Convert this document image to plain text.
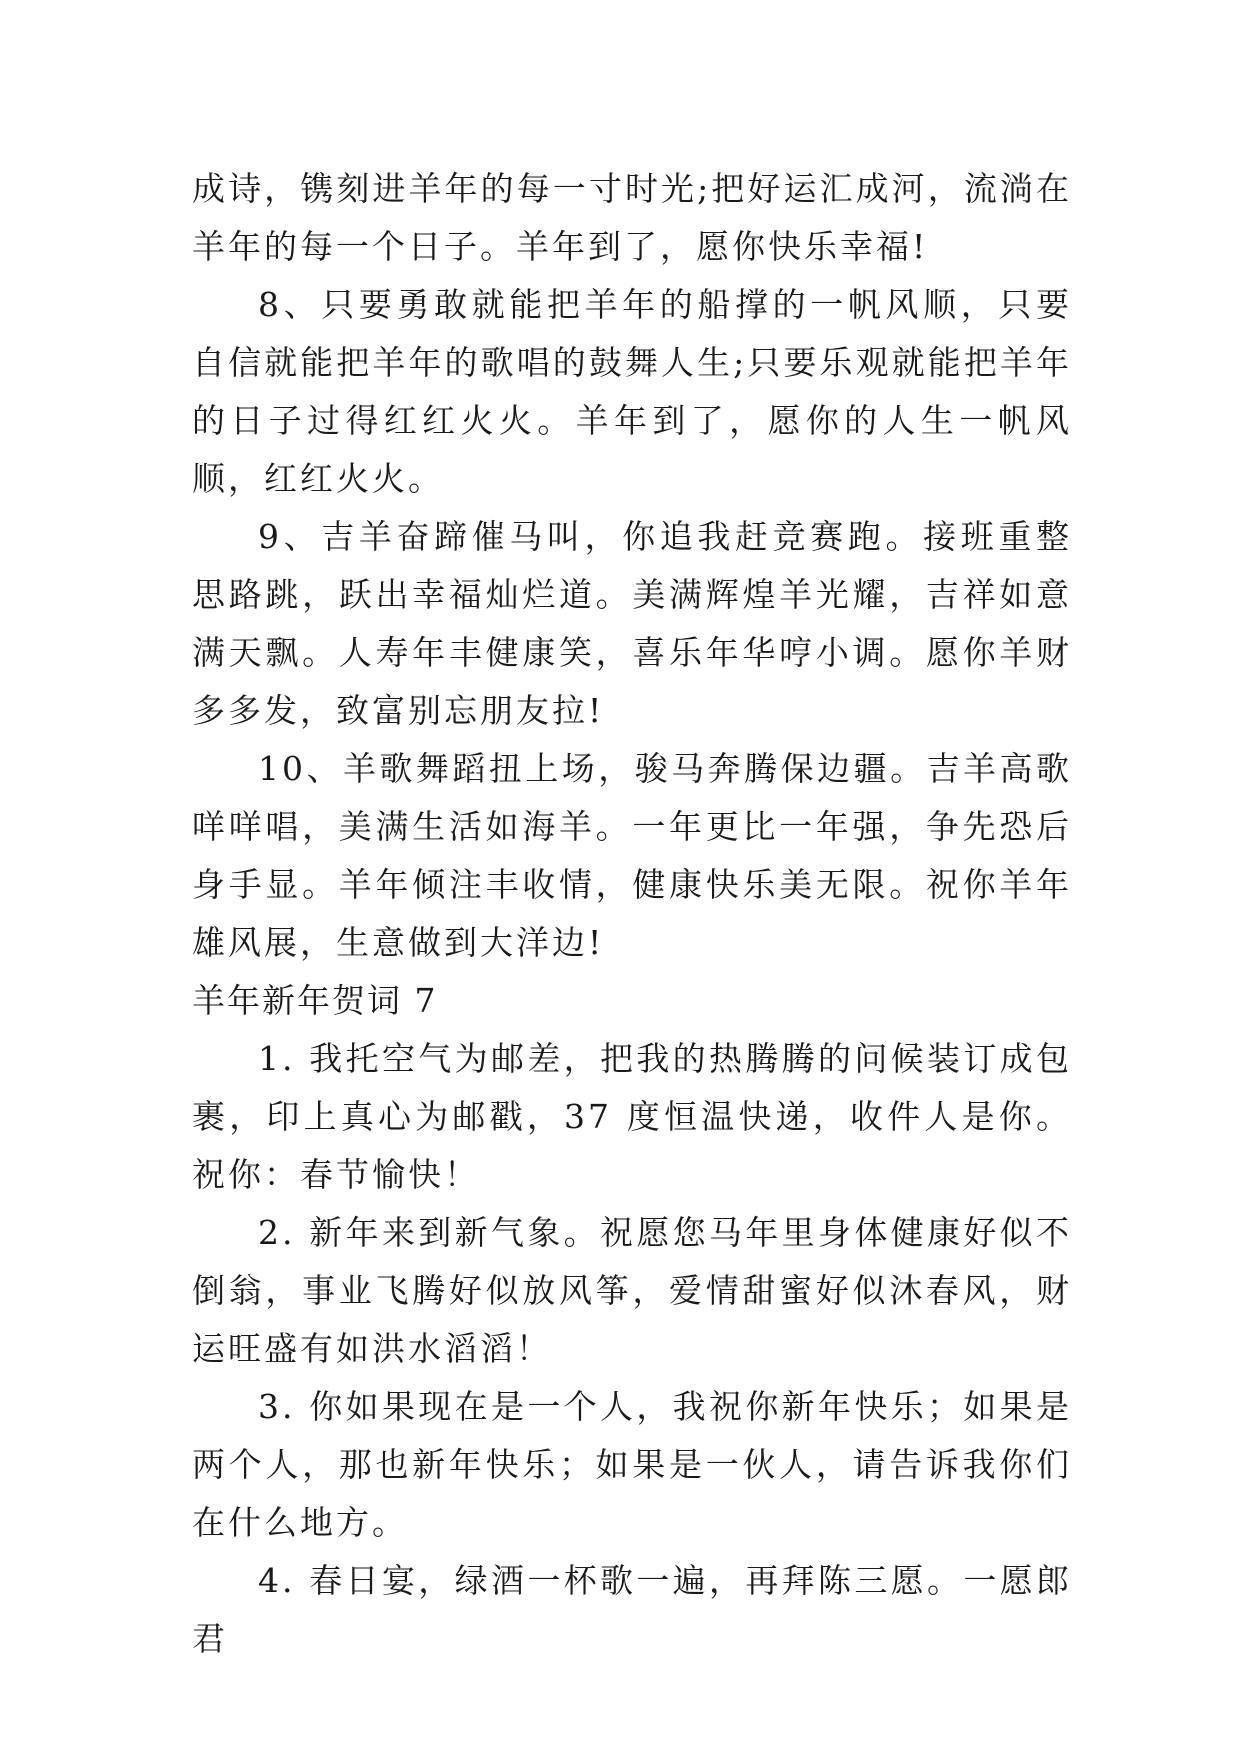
成诗，镌刻进羊年的每一寸时光;把好运汇成河，流淌在羊年的每一个日子。羊年到了，愿你快乐幸福!

8、只要勇敢就能把羊年的船撑的一帆风顺，只要自信就能把羊年的歌唱的鼓舞人生;只要乐观就能把羊年的日子过得红红火火。羊年到了，愿你的人生一帆风顺，红红火火。

9、吉羊奋蹄催马叫，你追我赶竞赛跑。接班重整思路跳，跃出幸福灿烂道。美满辉煌羊光耀，吉祥如意满天飘。人寿年丰健康笑，喜乐年华哼小调。愿你羊财多多发，致富别忘朋友拉!

10、羊歌舞蹈扭上场，骏马奔腾保边疆。吉羊高歌咩咩唱，美满生活如海羊。一年更比一年强，争先恐后身手显。羊年倾注丰收情，健康快乐美无限。祝你羊年雄风展，生意做到大洋边!

羊年新年贺词 7

1. 我托空气为邮差，把我的热腾腾的问候装订成包裹，印上真心为邮戳，37 度恒温快递，收件人是你。祝你：春节愉快！

2. 新年来到新气象。祝愿您马年里身体健康好似不倒翁，事业飞腾好似放风筝，爱情甜蜜好似沐春风，财运旺盛有如洪水滔滔！

3. 你如果现在是一个人，我祝你新年快乐；如果是两个人，那也新年快乐；如果是一伙人，请告诉我你们在什么地方。

4. 春日宴，绿酒一杯歌一遍，再拜陈三愿。一愿郎君
